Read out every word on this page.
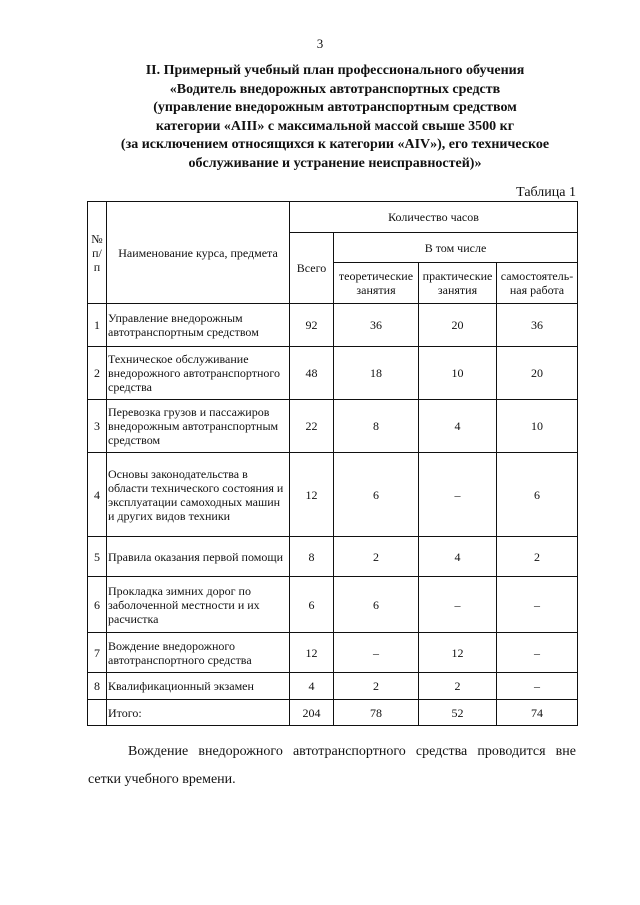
3
II. Примерный учебный план профессионального обучения
«Водитель внедорожных автотранспортных средств
(управление внедорожным автотранспортным средством
категории «AIII» с максимальной массой свыше 3500 кг
(за исключением относящихся к категории «AIV»), его техническое
обслуживание и устранение неисправностей)»
Таблица 1
№ п/п	Наименование курса, предмета	Количество часов			
		Всего	В том числе		
			теоретические занятия	практические занятия	самостоятель-ная работа
1	Управление внедорожным автотранспортным средством	92	36	20	36
2	Техническое обслуживание внедорожного автотранспортного средства	48	18	10	20
3	Перевозка грузов и пассажиров внедорожным автотранспортным средством	22	8	4	10
4	Основы законодательства в области технического состояния и эксплуатации самоходных машин и других видов техники	12	6	–	6
5	Правила оказания первой помощи	8	2	4	2
6	Прокладка зимних дорог по заболоченной местности и их расчистка	6	6	–	–
7	Вождение внедорожного автотранспортного средства	12	–	12	–
8	Квалификационный экзамен	4	2	2	–
	Итого:	204	78	52	74
Вождение внедорожного автотранспортного средства проводится вне сетки учебного времени.
